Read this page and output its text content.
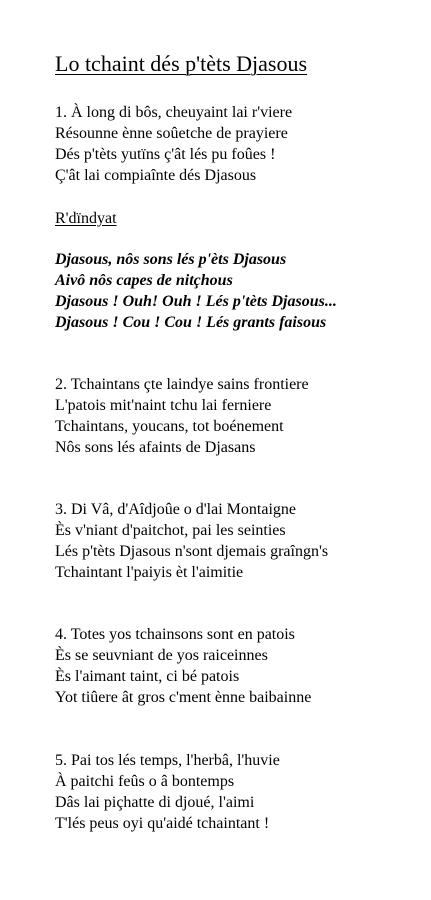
Lo tchaint dés p'tèts Djasous
1. À long di bôs, cheuyaint lai r'viere
Résounne ènne soûetche de prayiere
Dés p'tèts yutïns ç'ât lés pu foûes !
Ç'ât lai compiaînte dés Djasous
R'dïndyat
Djasous, nôs sons lés p'èts Djasous
Aivô nôs capes de nitçhous
Djasous ! Ouh! Ouh ! Lés p'tèts Djasous...
Djasous ! Cou ! Cou ! Lés grants faisous
2. Tchaintans çte laindye sains frontiere
L'patois mit'naint tchu lai ferniere
Tchaintans, youcans, tot boénement
Nôs sons lés afaints de Djasans
3. Di Vâ, d'Aîdjoûe o d'lai Montaigne
Ès v'niant d'paitchot, pai les seinties
Lés p'tèts Djasous n'sont djemais graîngn's
Tchaintant l'paiyis èt l'aimitie
4. Totes yos tchainsons sont en patois
Ès se seuvniant de yos raiceinnes
Ès l'aimant taint, ci bé patois
Yot tiûere ât gros c'ment ènne baibainne
5. Pai tos lés temps, l'herbâ, l'huvie
À paitchi feûs o â bontemps
Dâs lai piçhatte di djoué, l'aimi
T'lés peus oyi qu'aidé tchaintant !
